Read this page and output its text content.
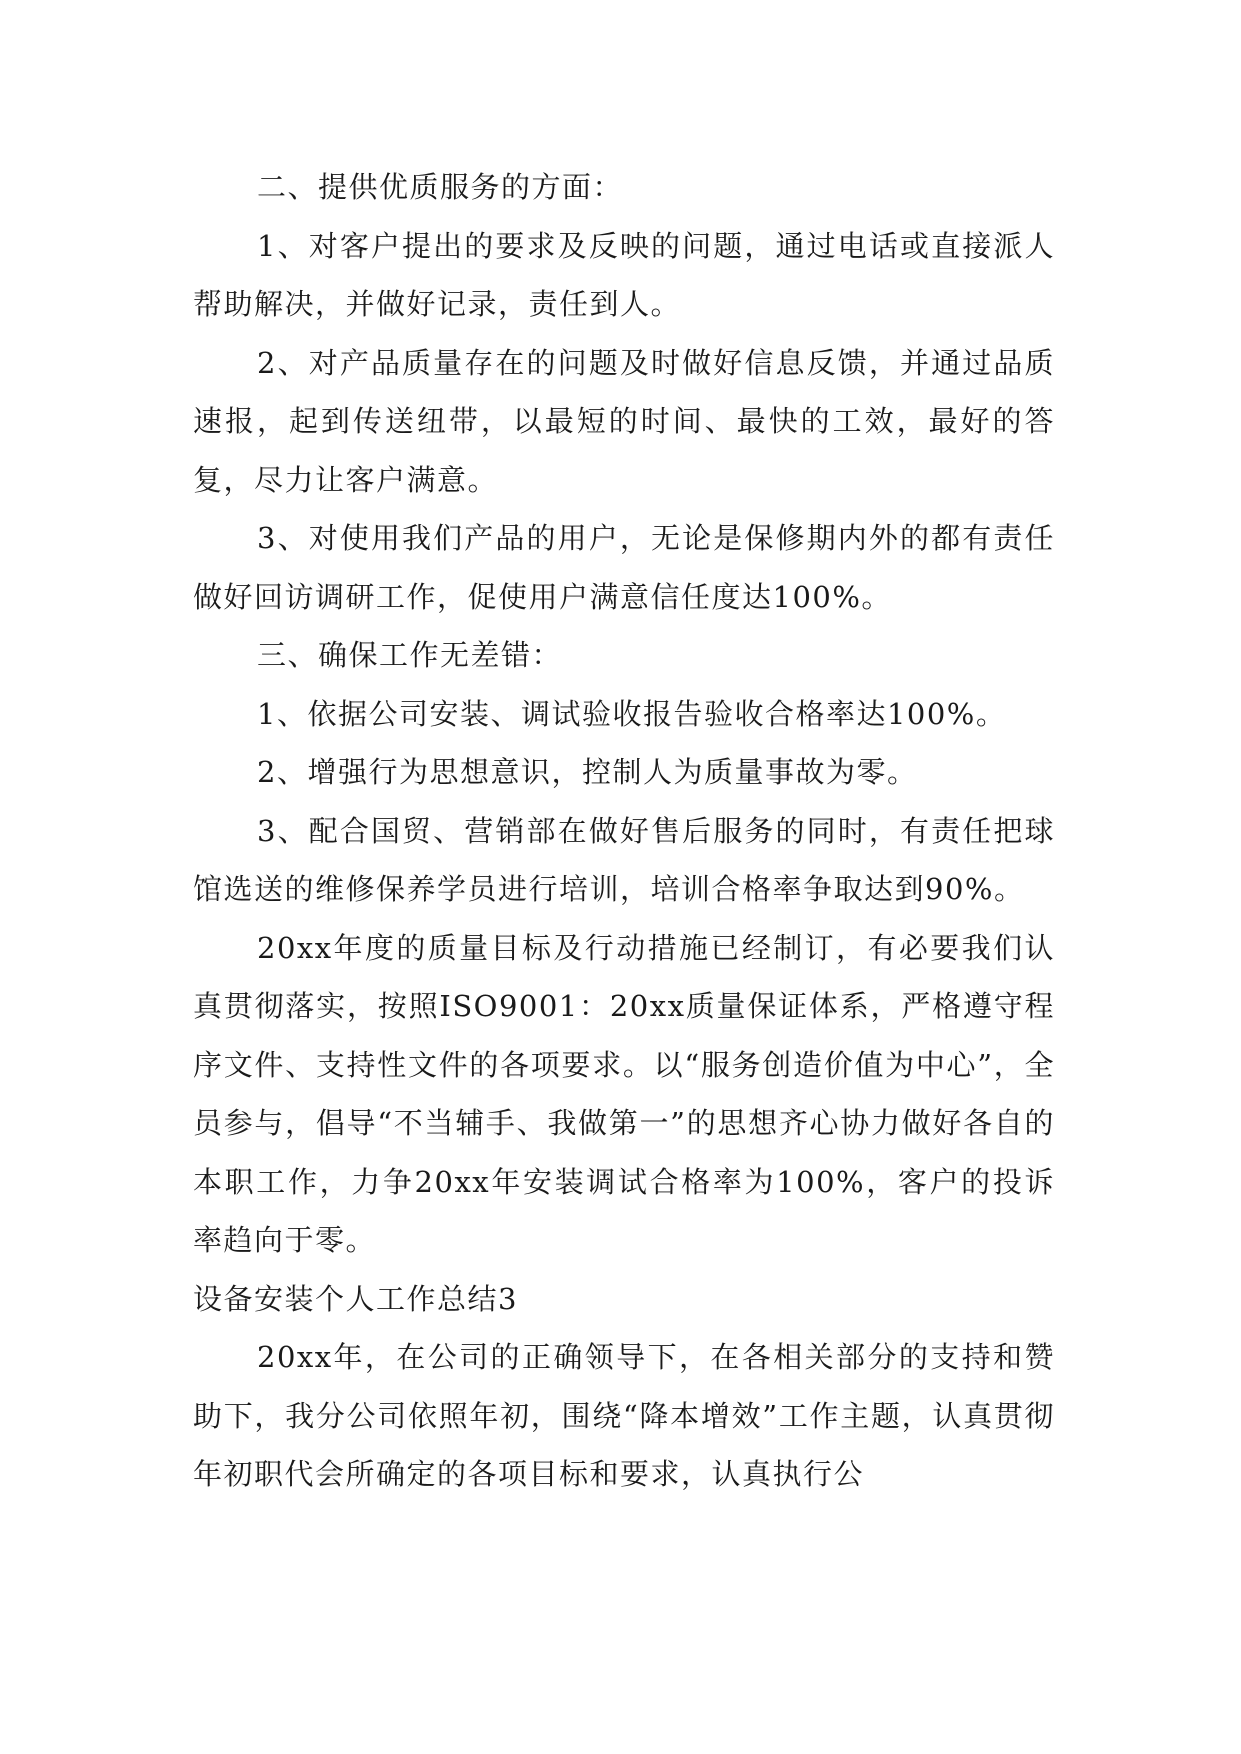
二、提供优质服务的方面：

1、对客户提出的要求及反映的问题，通过电话或直接派人帮助解决，并做好记录，责任到人。

2、对产品质量存在的问题及时做好信息反馈，并通过品质速报，起到传送纽带，以最短的时间、最快的工效，最好的答复，尽力让客户满意。

3、对使用我们产品的用户，无论是保修期内外的都有责任做好回访调研工作，促使用户满意信任度达100%。

三、确保工作无差错：

1、依据公司安装、调试验收报告验收合格率达100%。

2、增强行为思想意识，控制人为质量事故为零。

3、配合国贸、营销部在做好售后服务的同时，有责任把球馆选送的维修保养学员进行培训，培训合格率争取达到90%。

20xx年度的质量目标及行动措施已经制订，有必要我们认真贯彻落实，按照ISO9001：20xx质量保证体系，严格遵守程序文件、支持性文件的各项要求。以“服务创造价值为中心”，全员参与，倡导“不当辅手、我做第一”的思想齐心协力做好各自的本职工作，力争20xx年安装调试合格率为100%，客户的投诉率趋向于零。

设备安装个人工作总结3

20xx年，在公司的正确领导下，在各相关部分的支持和赞助下，我分公司依照年初，围绕“降本增效”工作主题，认真贯彻年初职代会所确定的各项目标和要求，认真执行公
